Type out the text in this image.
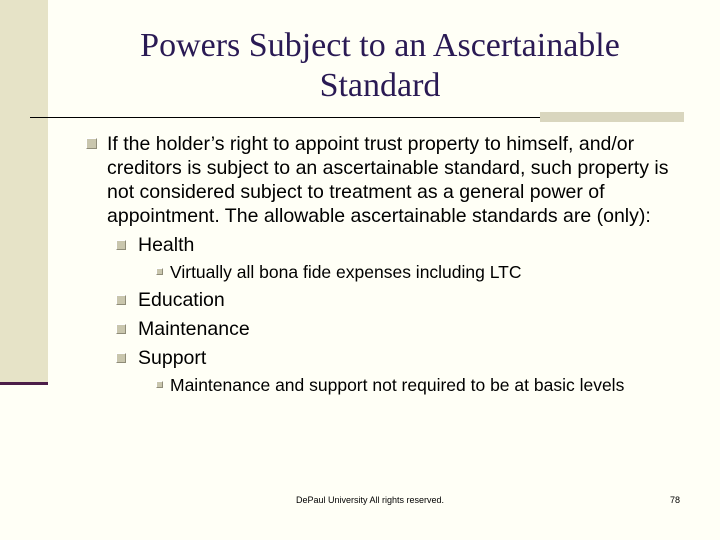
Powers Subject to an Ascertainable Standard
If the holder’s right to appoint trust property to himself, and/or creditors is subject to an ascertainable standard, such property is not considered subject to treatment as a general power of appointment. The allowable ascertainable standards are (only):
Health
Virtually all bona fide expenses including LTC
Education
Maintenance
Support
Maintenance and support not required to be at basic levels
DePaul University All rights reserved.	78
